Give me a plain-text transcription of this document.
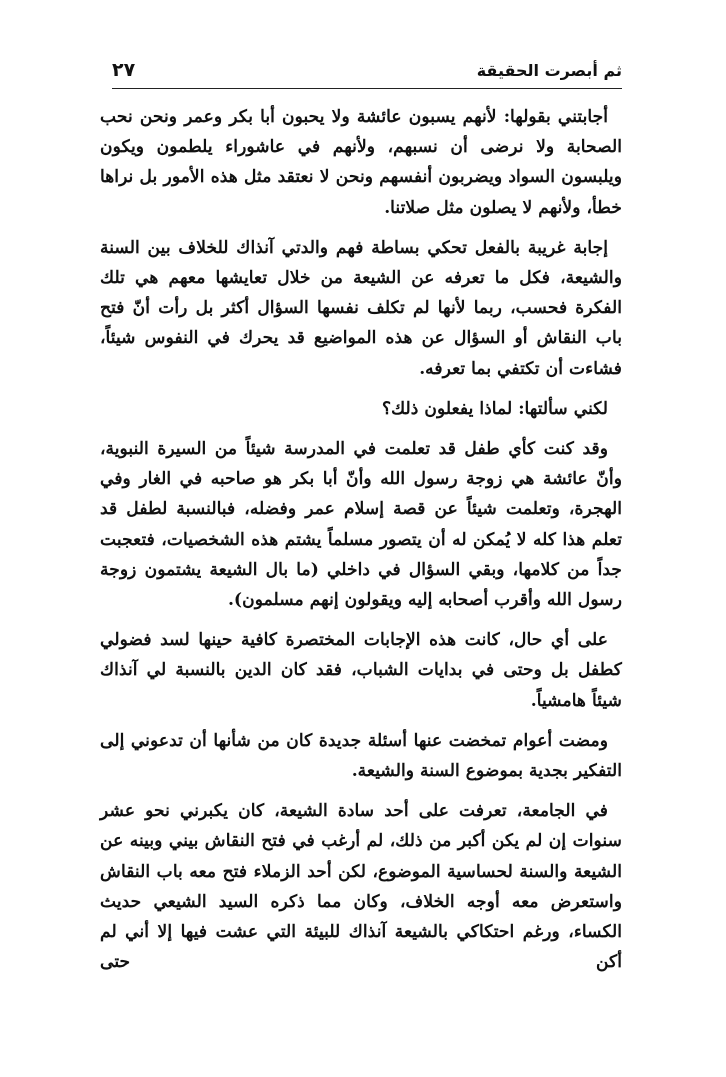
ثم أبصرت الحقيقة
٢٧

أجابتني بقولها: لأنهم يسبون عائشة ولا يحبون أبا بكر وعمر ونحن نحب الصحابة ولا نرضى أن نسبهم، ولأنهم في عاشوراء يلطمون ويكون ويلبسون السواد ويضربون أنفسهم ونحن لا نعتقد مثل هذه الأمور بل نراها خطأ، ولأنهم لا يصلون مثل صلاتنا.

إجابة غريبة بالفعل تحكي بساطة فهم والدتي آنذاك للخلاف بين السنة والشيعة، فكل ما تعرفه عن الشيعة من خلال تعايشها معهم هي تلك الفكرة فحسب، ربما لأنها لم تكلف نفسها السؤال أكثر بل رأت أنّ فتح باب النقاش أو السؤال عن هذه المواضيع قد يحرك في النفوس شيئاً، فشاءت أن تكتفي بما تعرفه.

لكني سألتها: لماذا يفعلون ذلك؟

وقد كنت كأي طفل قد تعلمت في المدرسة شيئاً من السيرة النبوية، وأنّ عائشة هي زوجة رسول الله وأنّ أبا بكر هو صاحبه في الغار وفي الهجرة، وتعلمت شيئاً عن قصة إسلام عمر وفضله، فبالنسبة لطفل قد تعلم هذا كله لا يُمكن له أن يتصور مسلماً يشتم هذه الشخصيات، فتعجبت جداً من كلامها، وبقي السؤال في داخلي (ما بال الشيعة يشتمون زوجة رسول الله وأقرب أصحابه إليه ويقولون إنهم مسلمون).

على أي حال، كانت هذه الإجابات المختصرة كافية حينها لسد فضولي كطفل بل وحتى في بدايات الشباب، فقد كان الدين بالنسبة لي آنذاك شيئاً هامشياً.

ومضت أعوام تمخضت عنها أسئلة جديدة كان من شأنها أن تدعوني إلى التفكير بجدية بموضوع السنة والشيعة.

في الجامعة، تعرفت على أحد سادة الشيعة، كان يكبرني نحو عشر سنوات إن لم يكن أكبر من ذلك، لم أرغب في فتح النقاش بيني وبينه عن الشيعة والسنة لحساسية الموضوع، لكن أحد الزملاء فتح معه باب النقاش واستعرض معه أوجه الخلاف، وكان مما ذكره السيد الشيعي حديث الكساء، ورغم احتكاكي بالشيعة آنذاك للبيئة التي عشت فيها إلا أني لم أكن حتى
